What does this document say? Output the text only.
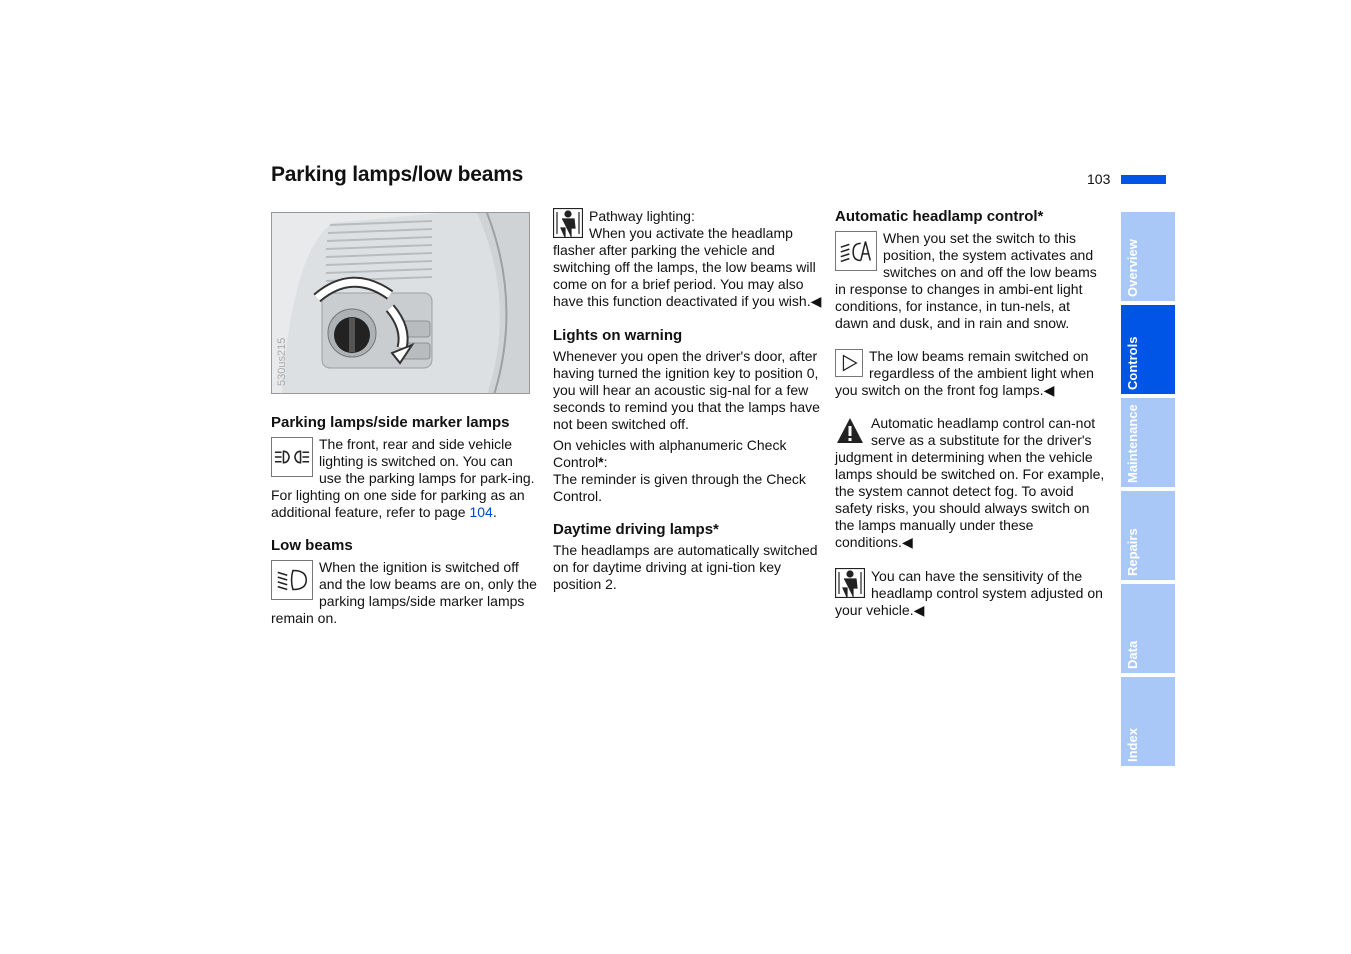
Parking lamps/low beams	103
530us215

Parking lamps/side marker lamps

The front, rear and side vehicle lighting is switched on. You can use the parking lamps for park-ing. For lighting on one side for parking as an additional feature, refer to page 104.

Low beams

When the ignition is switched off and the low beams are on, only the parking lamps/side marker lamps remain on.

Pathway lighting:

When you activate the headlamp flasher after parking the vehicle and switching off the lamps, the low beams will come on for a brief period. You may also have this function deactivated if you wish.◀

Lights on warning

Whenever you open the driver's door, after having turned the ignition key to position 0, you will hear an acoustic sig-nal for a few seconds to remind you that the lamps have not been switched off.

On vehicles with alphanumeric Check Control*:

The reminder is given through the Check Control.

Daytime driving lamps*

The headlamps are automatically switched on for daytime driving at igni-tion key position 2.

Automatic headlamp control*

When you set the switch to this position, the system activates and switches on and off the low beams in response to changes in ambi-ent light conditions, for instance, in tun-nels, at dawn and dusk, and in rain and snow.

The low beams remain switched on regardless of the ambient light when you switch on the front fog lamps.◀

Automatic headlamp control can-not serve as a substitute for the driver's judgment in determining when the vehicle lamps should be switched on. For example, the system cannot detect fog. To avoid safety risks, you should always switch on the lamps manually under these conditions.◀

You can have the sensitivity of the headlamp control system adjusted on your vehicle.◀

Overview
Controls
Maintenance
Repairs
Data
Index
